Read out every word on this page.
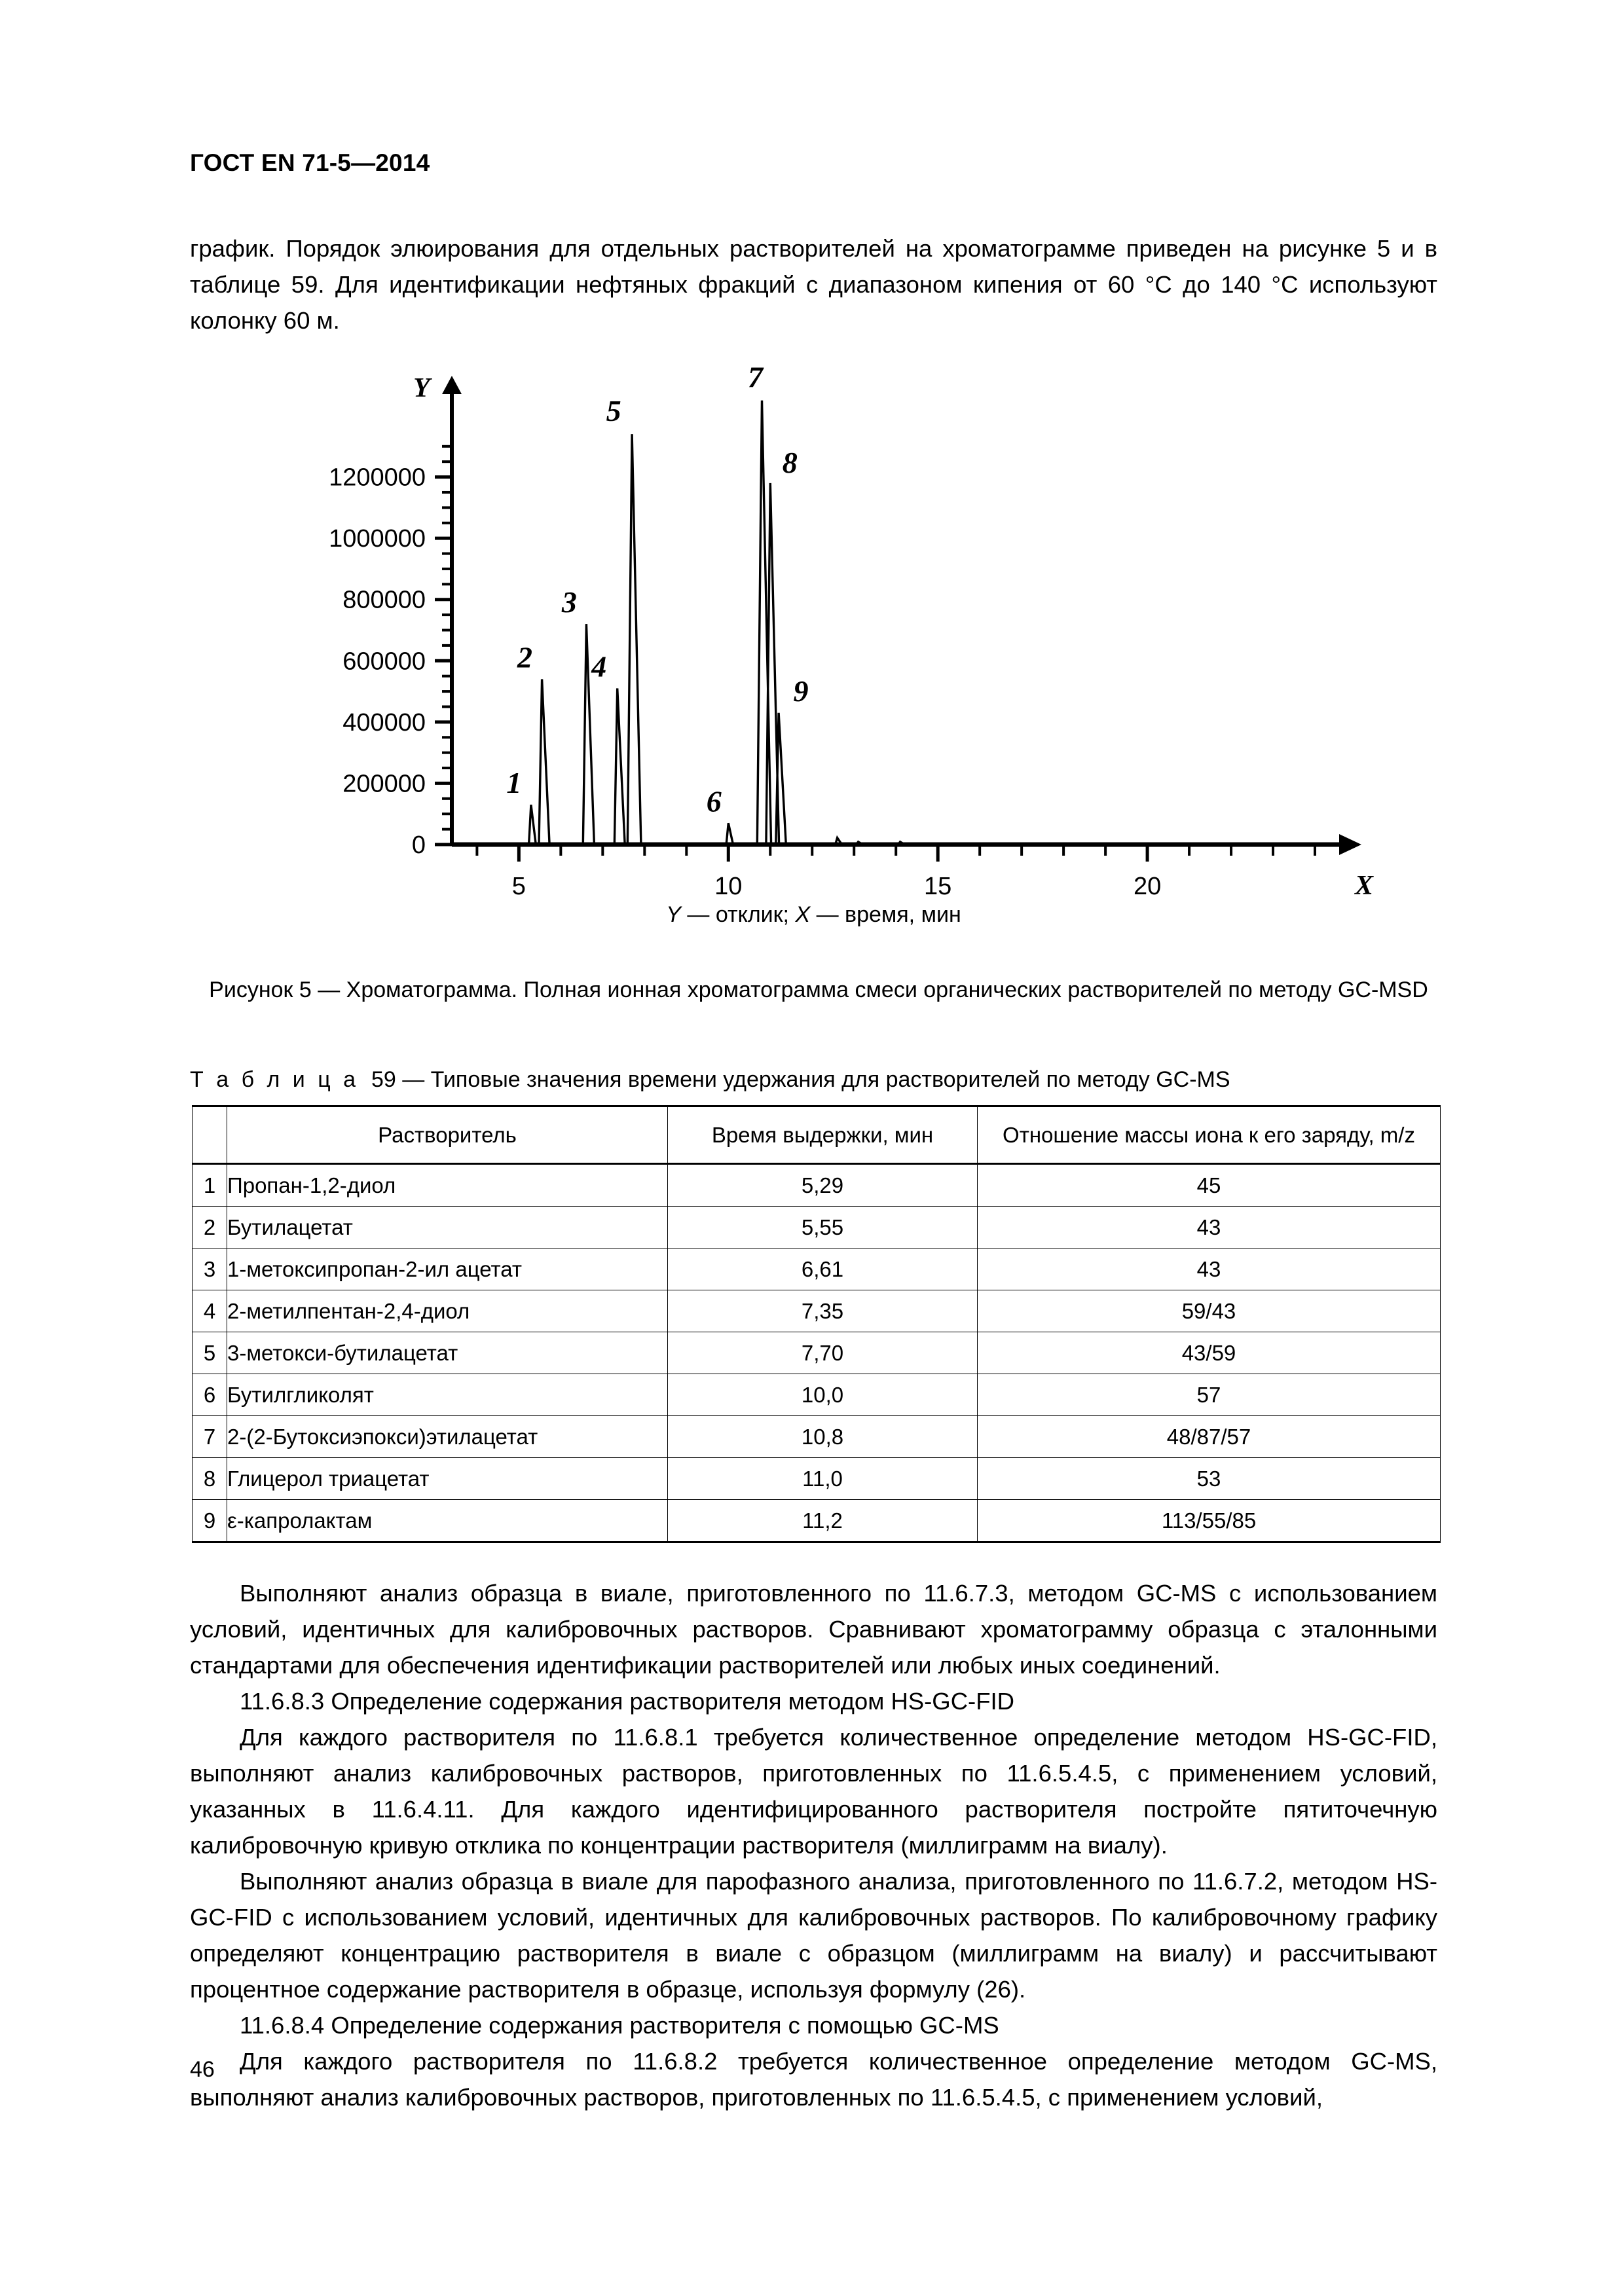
ГОСТ EN 71-5—2014

график. Порядок элюирования для отдельных растворителей на хроматограмме приведен на рисунке 5 и в таблице 59. Для идентификации нефтяных фракций с диапазоном кипения от 60 °C до 140 °C используют колонку 60 м.

0
200000
400000
600000
800000
1000000
1200000
5	10	15	20
Y
X
1
2
3
4
5
6
7
8
9
Y — отклик; X — время, мин
Рисунок 5 — Хроматограмма. Полная ионная хроматограмма смеси органических растворителей по методу GC-MSD
Т а б л и ц а 59 — Типовые значения времени удержания для растворителей по методу GC-MS
	Растворитель	Время выдержки, мин	Отношение массы иона к его заряду, m/z
1	Пропан-1,2-диол	5,29	45
2	Бутилацетат	5,55	43
3	1-метоксипропан-2-ил ацетат	6,61	43
4	2-метилпентан-2,4-диол	7,35	59/43
5	3-метокси-бутилацетат	7,70	43/59
6	Бутилгликолят	10,0	57
7	2-(2-Бутоксиэпокси)этилацетат	10,8	48/87/57
8	Глицерол триацетат	11,0	53
9	ε-капролактам	11,2	113/55/85

Выполняют анализ образца в виале, приготовленного по 11.6.7.3, методом GC-MS с использованием условий, идентичных для калибровочных растворов. Сравнивают хроматограмму образца с эталонными стандартами для обеспечения идентификации растворителей или любых иных соединений.

11.6.8.3 Определение содержания растворителя методом HS-GC-FID

Для каждого растворителя по 11.6.8.1 требуется количественное определение методом HS-GC-FID, выполняют анализ калибровочных растворов, приготовленных по 11.6.5.4.5, с применением условий, указанных в 11.6.4.11. Для каждого идентифицированного растворителя постройте пятиточечную калибровочную кривую отклика по концентрации растворителя (миллиграмм на виалу).

Выполняют анализ образца в виале для парофазного анализа, приготовленного по 11.6.7.2, методом HS-GC-FID с использованием условий, идентичных для калибровочных растворов. По калибровочному графику определяют концентрацию растворителя в виале с образцом (миллиграмм на виалу) и рассчитывают процентное содержание растворителя в образце, используя формулу (26).

11.6.8.4 Определение содержания растворителя с помощью GC-MS

Для каждого растворителя по 11.6.8.2 требуется количественное определение методом GC-MS, выполняют анализ калибровочных растворов, приготовленных по 11.6.5.4.5, с применением условий,

46
